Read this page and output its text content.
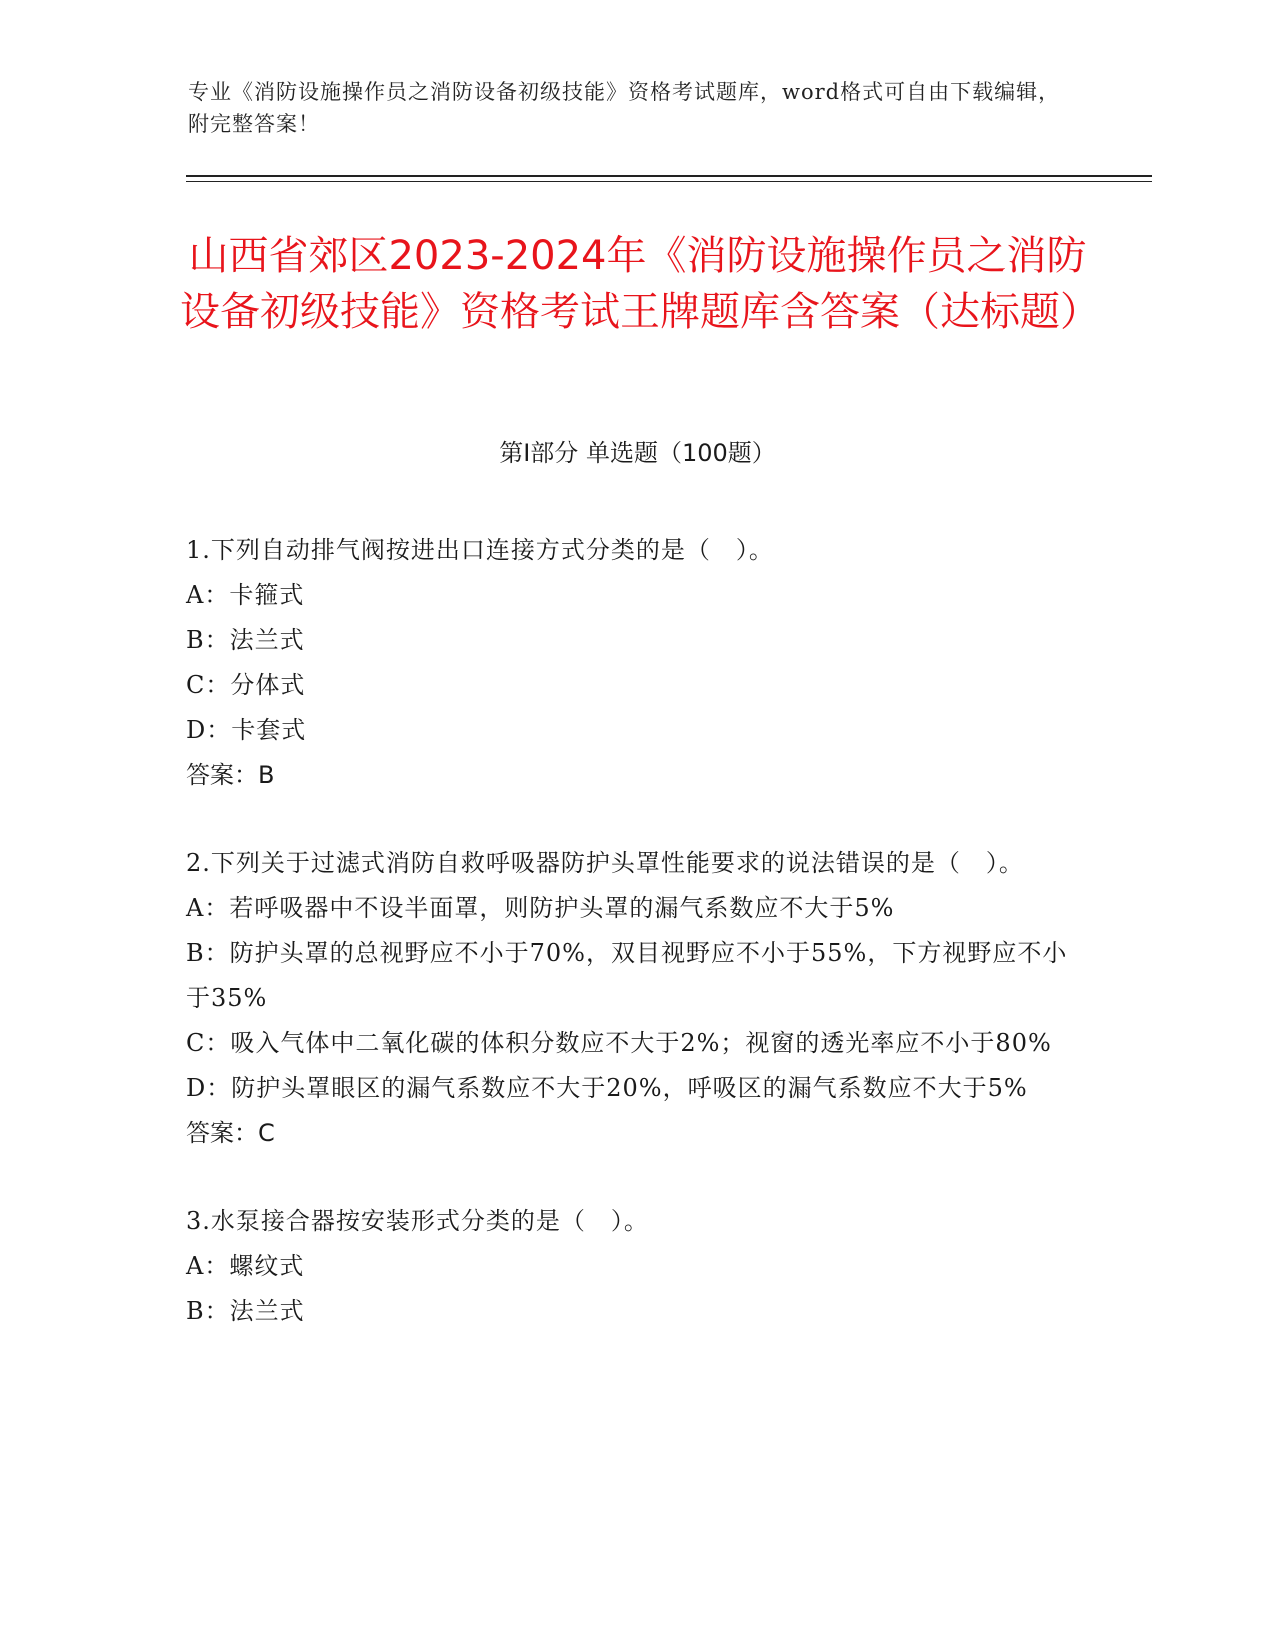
专业《消防设施操作员之消防设备初级技能》资格考试题库，word格式可自由下载编辑，附完整答案！
山西省郊区2023-2024年《消防设施操作员之消防设备初级技能》资格考试王牌题库含答案（达标题）
第Ⅰ部分 单选题（100题）
1.下列自动排气阀按进出口连接方式分类的是（　）。
A：卡箍式
B：法兰式
C：分体式
D：卡套式
答案：B
2.下列关于过滤式消防自救呼吸器防护头罩性能要求的说法错误的是（　）。
A：若呼吸器中不设半面罩，则防护头罩的漏气系数应不大于5%
B：防护头罩的总视野应不小于70%，双目视野应不小于55%，下方视野应不小于35%
C：吸入气体中二氧化碳的体积分数应不大于2%；视窗的透光率应不小于80%
D：防护头罩眼区的漏气系数应不大于20%，呼吸区的漏气系数应不大于5%
答案：C
3.水泵接合器按安装形式分类的是（　）。
A：螺纹式
B：法兰式
